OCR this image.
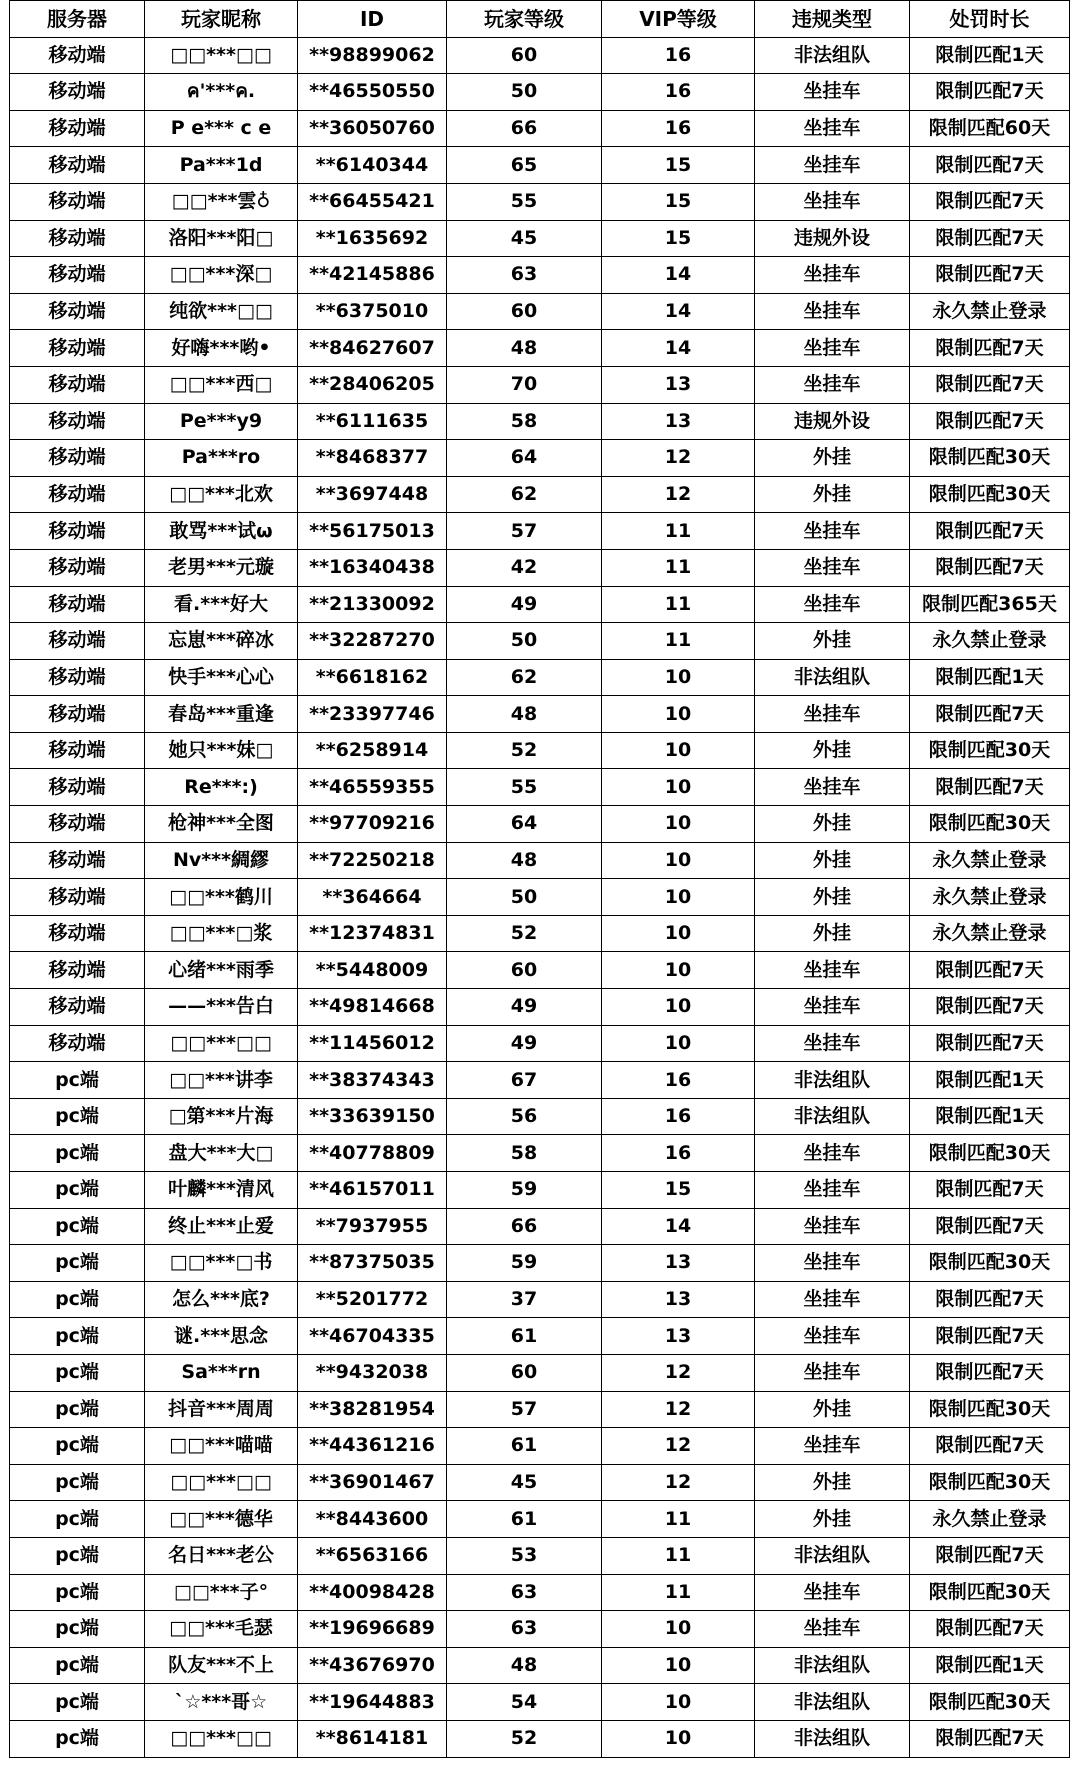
服务器	玩家昵称	ID	玩家等级	VIP等级	违规类型	处罚时长
移动端	□□***□□	**98899062	60	16	非法组队	限制匹配1天
移动端	ค'***ค.	**46550550	50	16	坐挂车	限制匹配7天
移动端	P e*** c e	**36050760	66	16	坐挂车	限制匹配60天
移动端	Pa***1d	**6140344	65	15	坐挂车	限制匹配7天
移动端	□□***雲♁	**66455421	55	15	坐挂车	限制匹配7天
移动端	洛阳***阳□	**1635692	45	15	违规外设	限制匹配7天
移动端	□□***深□	**42145886	63	14	坐挂车	限制匹配7天
移动端	纯欲***□□	**6375010	60	14	坐挂车	永久禁止登录
移动端	好嗨***哟•	**84627607	48	14	坐挂车	限制匹配7天
移动端	□□***西□	**28406205	70	13	坐挂车	限制匹配7天
移动端	Pe***y9	**6111635	58	13	违规外设	限制匹配7天
移动端	Pa***ro	**8468377	64	12	外挂	限制匹配30天
移动端	□□***北欢	**3697448	62	12	外挂	限制匹配30天
移动端	敢骂***试ω	**56175013	57	11	坐挂车	限制匹配7天
移动端	老男***元璇	**16340438	42	11	坐挂车	限制匹配7天
移动端	看.***好大	**21330092	49	11	坐挂车	限制匹配365天
移动端	忘崽***碎冰	**32287270	50	11	外挂	永久禁止登录
移动端	快手***心心	**6618162	62	10	非法组队	限制匹配1天
移动端	春岛***重逢	**23397746	48	10	坐挂车	限制匹配7天
移动端	她只***妹□	**6258914	52	10	外挂	限制匹配30天
移动端	Re***:)	**46559355	55	10	坐挂车	限制匹配7天
移动端	枪神***全图	**97709216	64	10	外挂	限制匹配30天
移动端	Nv***綢繆	**72250218	48	10	外挂	永久禁止登录
移动端	□□***鹤川	**364664	50	10	外挂	永久禁止登录
移动端	□□***□浆	**12374831	52	10	外挂	永久禁止登录
移动端	心绪***雨季	**5448009	60	10	坐挂车	限制匹配7天
移动端	——***告白	**49814668	49	10	坐挂车	限制匹配7天
移动端	□□***□□	**11456012	49	10	坐挂车	限制匹配7天
pc端	□□***讲李	**38374343	67	16	非法组队	限制匹配1天
pc端	□第***片海	**33639150	56	16	非法组队	限制匹配1天
pc端	盘大***大□	**40778809	58	16	坐挂车	限制匹配30天
pc端	叶麟***清风	**46157011	59	15	坐挂车	限制匹配7天
pc端	终止***止爱	**7937955	66	14	坐挂车	限制匹配7天
pc端	□□***□书	**87375035	59	13	坐挂车	限制匹配30天
pc端	怎么***底?	**5201772	37	13	坐挂车	限制匹配7天
pc端	谜.***思念	**46704335	61	13	坐挂车	限制匹配7天
pc端	Sa***rn	**9432038	60	12	坐挂车	限制匹配7天
pc端	抖音***周周	**38281954	57	12	外挂	限制匹配30天
pc端	□□***喵喵	**44361216	61	12	坐挂车	限制匹配7天
pc端	□□***□□	**36901467	45	12	外挂	限制匹配30天
pc端	□□***德华	**8443600	61	11	外挂	永久禁止登录
pc端	名日***老公	**6563166	53	11	非法组队	限制匹配7天
pc端	□□***子°	**40098428	63	11	坐挂车	限制匹配30天
pc端	□□***毛瑟	**19696689	63	10	坐挂车	限制匹配7天
pc端	队友***不上	**43676970	48	10	非法组队	限制匹配1天
pc端	`☆***哥☆	**19644883	54	10	非法组队	限制匹配30天
pc端	□□***□□	**8614181	52	10	非法组队	限制匹配7天
